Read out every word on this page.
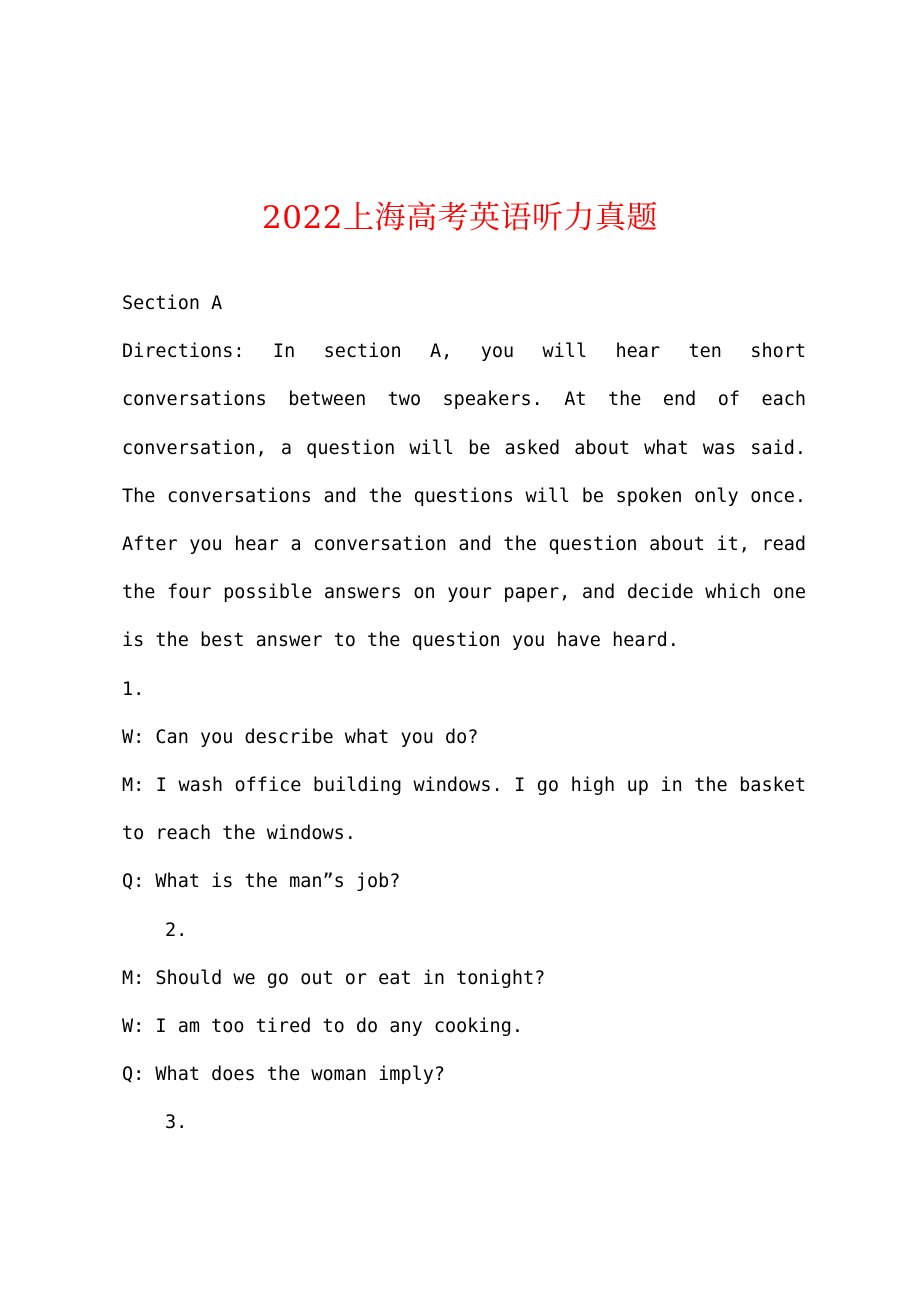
2022上海高考英语听力真题
Section A
Directions: In section A, you will hear ten short conversations between two speakers. At the end of each conversation, a question will be asked about what was said. The conversations and the questions will be spoken only once. After you hear a conversation and the question about it, read the four possible answers on your paper, and decide which one is the best answer to the question you have heard.
1.
W: Can you describe what you do?
M: I wash office building windows. I go high up in the basket to reach the windows.
Q: What is the man”s job?
2.
M: Should we go out or eat in tonight?
W: I am too tired to do any cooking.
Q: What does the woman imply?
3.
